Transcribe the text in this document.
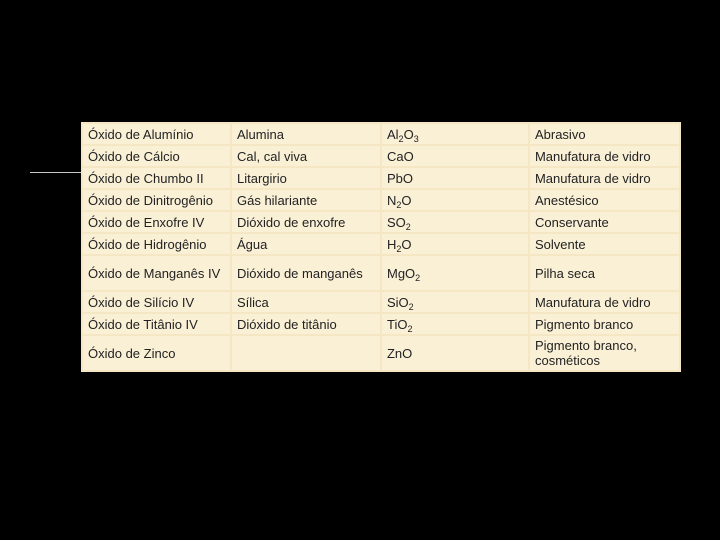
Óxido de Alumínio	Alumina	$Al_2O_3$	Abrasivo
Óxido de Cálcio	Cal, cal viva	CaO	Manufatura de vidro
Óxido de Chumbo II	Litargirio	PbO	Manufatura de vidro
Óxido de Dinitrogênio	Gás hilariante	$N_2O$	Anestésico
Óxido de Enxofre IV	Dióxido de enxofre	$SO_2$	Conservante
Óxido de Hidrogênio	Água	$H_2O$	Solvente
Óxido de Manganês IV	Dióxido de manganês	MgO$_2$	Pilha seca
Óxido de Silício IV	Sílica	SiO$_2$	Manufatura de vidro
Óxido de Titânio IV	Dióxido de titânio	TiO$_2$	Pigmento branco
Óxido de Zinco		ZnO	Pigmento branco, cosméticos
